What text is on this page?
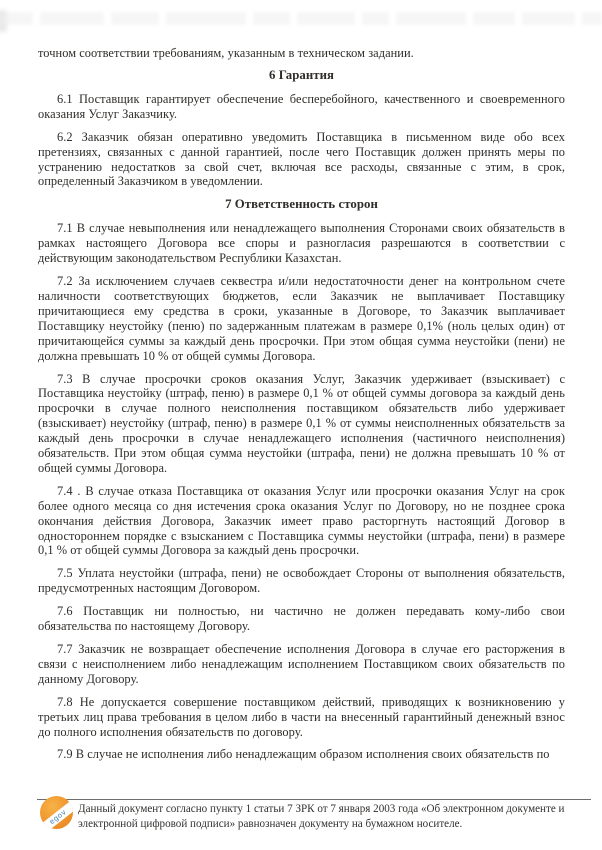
точном соответствии требованиям, указанным в техническом задании.

6 Гарантия

6.1 Поставщик гарантирует обеспечение бесперебойного, качественного и своевременного оказания Услуг Заказчику.

6.2 Заказчик обязан оперативно уведомить Поставщика в письменном виде обо всех претензиях, связанных с данной гарантией, после чего Поставщик должен принять меры по устранению недостатков за свой счет, включая все расходы, связанные с этим, в срок, определенный Заказчиком в уведомлении.

7 Ответственность сторон

7.1 В случае невыполнения или ненадлежащего выполнения Сторонами своих обязательств в рамках настоящего Договора все споры и разногласия разрешаются в соответствии с действующим законодательством Республики Казахстан.

7.2 За исключением случаев секвестра и/или недостаточности денег на контрольном счете наличности соответствующих бюджетов, если Заказчик не выплачивает Поставщику причитающиеся ему средства в сроки, указанные в Договоре, то Заказчик выплачивает Поставщику неустойку (пеню) по задержанным платежам в размере 0,1% (ноль целых один) от причитающейся суммы за каждый день просрочки. При этом общая сумма неустойки (пени) не должна превышать 10 % от общей суммы Договора.

7.3 В случае просрочки сроков оказания Услуг, Заказчик удерживает (взыскивает) с Поставщика неустойку (штраф, пеню) в размере 0,1 % от общей суммы договора за каждый день просрочки в случае полного неисполнения поставщиком обязательств либо удерживает (взыскивает) неустойку (штраф, пеню) в размере 0,1 % от суммы неисполненных обязательств за каждый день просрочки в случае ненадлежащего исполнения (частичного неисполнения) обязательств. При этом общая сумма неустойки (штрафа, пени) не должна превышать 10 % от общей суммы Договора.

7.4 . В случае отказа Поставщика от оказания Услуг или просрочки оказания Услуг на срок более одного месяца со дня истечения срока оказания Услуг по Договору, но не позднее срока окончания действия Договора, Заказчик имеет право расторгнуть настоящий Договор в одностороннем порядке с взысканием с Поставщика суммы неустойки (штрафа, пени) в размере 0,1 % от общей суммы Договора за каждый день просрочки.

7.5 Уплата неустойки (штрафа, пени) не освобождает Стороны от выполнения обязательств, предусмотренных настоящим Договором.

7.6 Поставщик ни полностью, ни частично не должен передавать кому-либо свои обязательства по настоящему Договору.

7.7 Заказчик не возвращает обеспечение исполнения Договора в случае его расторжения в связи с неисполнением либо ненадлежащим исполнением Поставщиком своих обязательств по данному Договору.

7.8 Не допускается совершение поставщиком действий, приводящих к возникновению у третьих лиц права требования в целом либо в части на внесенный гарантийный денежный взнос до полного исполнения обязательств по договору.

7.9 В случае не исполнения либо ненадлежащим образом исполнения своих обязательств по

egov Данный документ согласно пункту 1 статьи 7 ЗРК от 7 января 2003 года «Об электронном документе и электронной цифровой подписи» равнозначен документу на бумажном носителе.
